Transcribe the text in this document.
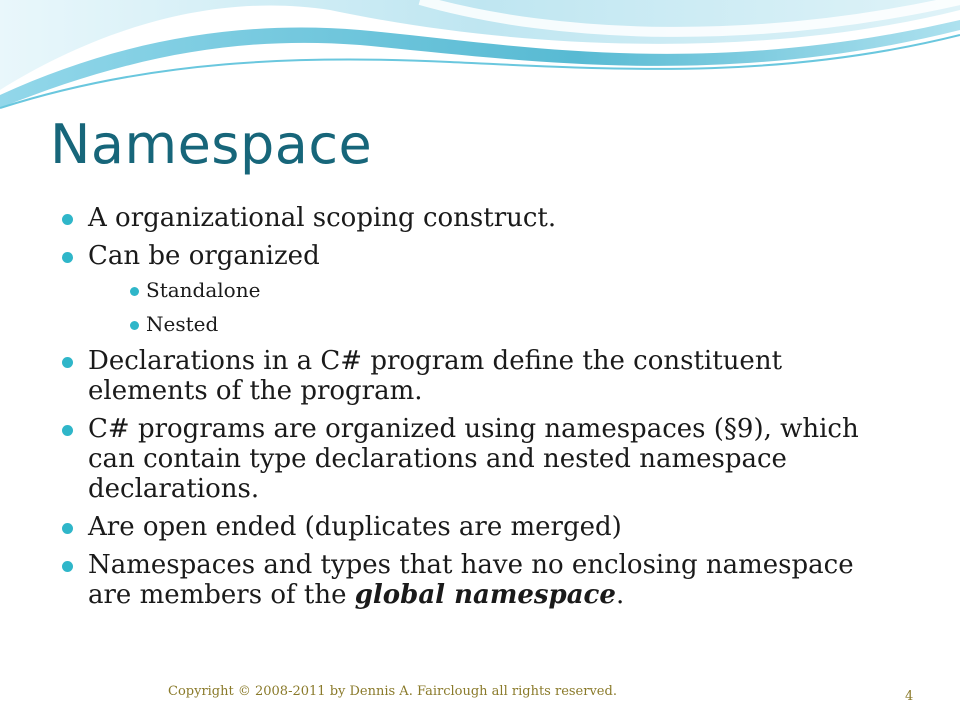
Namespace
A organizational scoping construct.
Can be organized
Standalone
Nested
Declarations in a C# program define the constituent elements of the program.
C# programs are organized using namespaces (§9), which can contain type declarations and nested namespace declarations.
Are open ended (duplicates are merged)
Namespaces and types that have no enclosing namespace are members of the global namespace.
Copyright © 2008-2011 by Dennis A. Fairclough all rights reserved.	4
